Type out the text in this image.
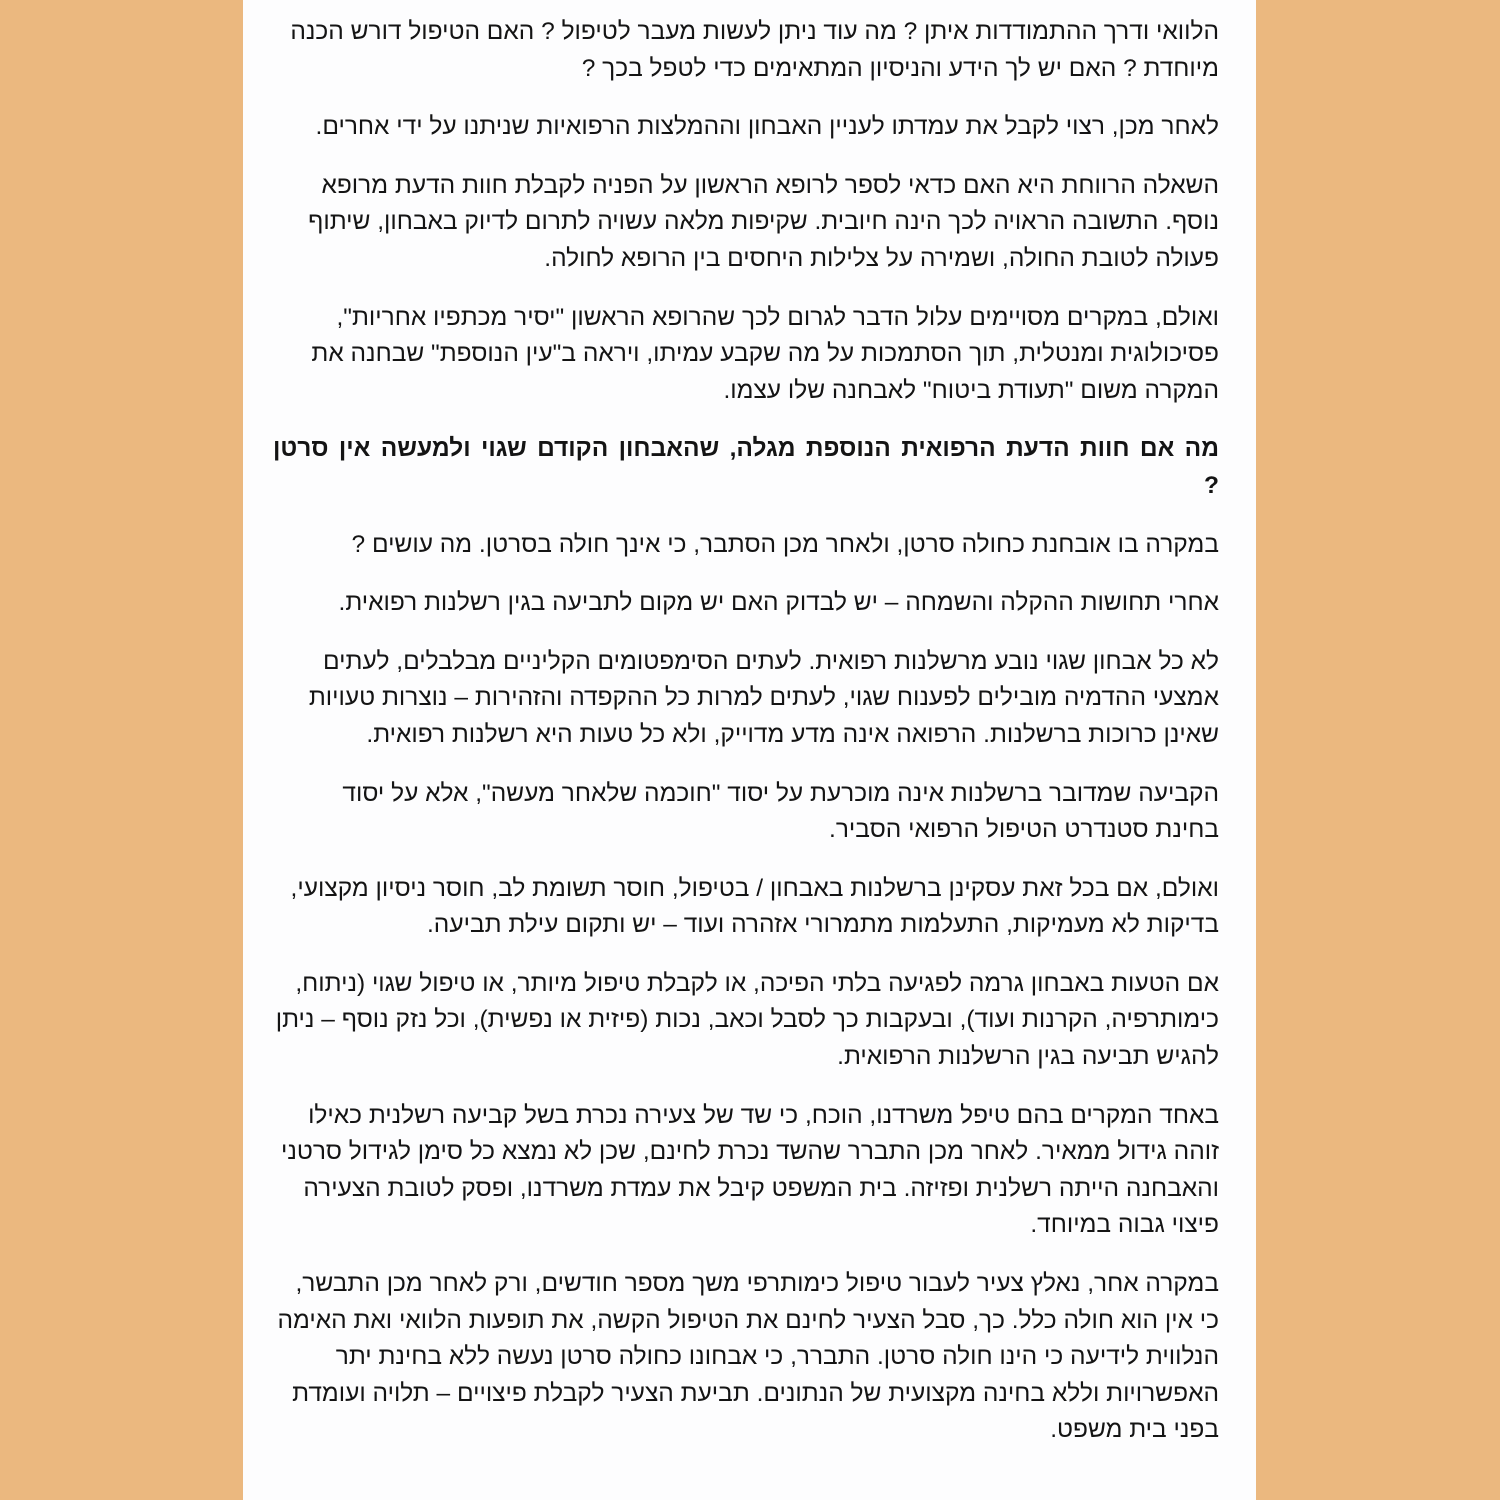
הלוואי ודרך ההתמודדות איתן ? מה עוד ניתן לעשות מעבר לטיפול ? האם הטיפול דורש הכנה מיוחדת ? האם יש לך הידע והניסיון המתאימים כדי לטפל בכך ?

לאחר מכן, רצוי לקבל את עמדתו לעניין האבחון וההמלצות הרפואיות שניתנו על ידי אחרים.

השאלה הרווחת היא האם כדאי לספר לרופא הראשון על הפניה לקבלת חוות הדעת מרופא נוסף. התשובה הראויה לכך הינה חיובית. שקיפות מלאה עשויה לתרום לדיוק באבחון, שיתוף פעולה לטובת החולה, ושמירה על צלילות היחסים בין הרופא לחולה.

ואולם, במקרים מסויימים עלול הדבר לגרום לכך שהרופא הראשון "יסיר מכתפיו אחריות", פסיכולוגית ומנטלית, תוך הסתמכות על מה שקבע עמיתו, ויראה ב"עין הנוספת" שבחנה את המקרה משום "תעודת ביטוח" לאבחנה שלו עצמו.

מה אם חוות הדעת הרפואית הנוספת מגלה, שהאבחון הקודם שגוי ולמעשה אין סרטן ?

במקרה בו אובחנת כחולה סרטן, ולאחר מכן הסתבר, כי אינך חולה בסרטן. מה עושים ?

אחרי תחושות ההקלה והשמחה – יש לבדוק האם יש מקום לתביעה בגין רשלנות רפואית.

לא כל אבחון שגוי נובע מרשלנות רפואית. לעתים הסימפטומים הקליניים מבלבלים, לעתים אמצעי ההדמיה מובילים לפענוח שגוי, לעתים למרות כל ההקפדה והזהירות – נוצרות טעויות שאינן כרוכות ברשלנות. הרפואה אינה מדע מדוייק, ולא כל טעות היא רשלנות רפואית.

הקביעה שמדובר ברשלנות אינה מוכרעת על יסוד "חוכמה שלאחר מעשה", אלא על יסוד בחינת סטנדרט הטיפול הרפואי הסביר.

ואולם, אם בכל זאת עסקינן ברשלנות באבחון / בטיפול, חוסר תשומת לב, חוסר ניסיון מקצועי, בדיקות לא מעמיקות, התעלמות מתמרורי אזהרה ועוד – יש ותקום עילת תביעה.

אם הטעות באבחון גרמה לפגיעה בלתי הפיכה, או לקבלת טיפול מיותר, או טיפול שגוי (ניתוח, כימותרפיה, הקרנות ועוד), ובעקבות כך לסבל וכאב, נכות (פיזית או נפשית), וכל נזק נוסף – ניתן להגיש תביעה בגין הרשלנות הרפואית.

באחד המקרים בהם טיפל משרדנו, הוכח, כי שד של צעירה נכרת בשל קביעה רשלנית כאילו זוהה גידול ממאיר. לאחר מכן התברר שהשד נכרת לחינם, שכן לא נמצא כל סימן לגידול סרטני והאבחנה הייתה רשלנית ופזיזה. בית המשפט קיבל את עמדת משרדנו, ופסק לטובת הצעירה פיצוי גבוה במיוחד.

במקרה אחר, נאלץ צעיר לעבור טיפול כימותרפי משך מספר חודשים, ורק לאחר מכן התבשר, כי אין הוא חולה כלל. כך, סבל הצעיר לחינם את הטיפול הקשה, את תופעות הלוואי ואת האימה הנלווית לידיעה כי הינו חולה סרטן. התברר, כי אבחונו כחולה סרטן נעשה ללא בחינת יתר האפשרויות וללא בחינה מקצועית של הנתונים. תביעת הצעיר לקבלת פיצויים – תלויה ועומדת בפני בית משפט.
